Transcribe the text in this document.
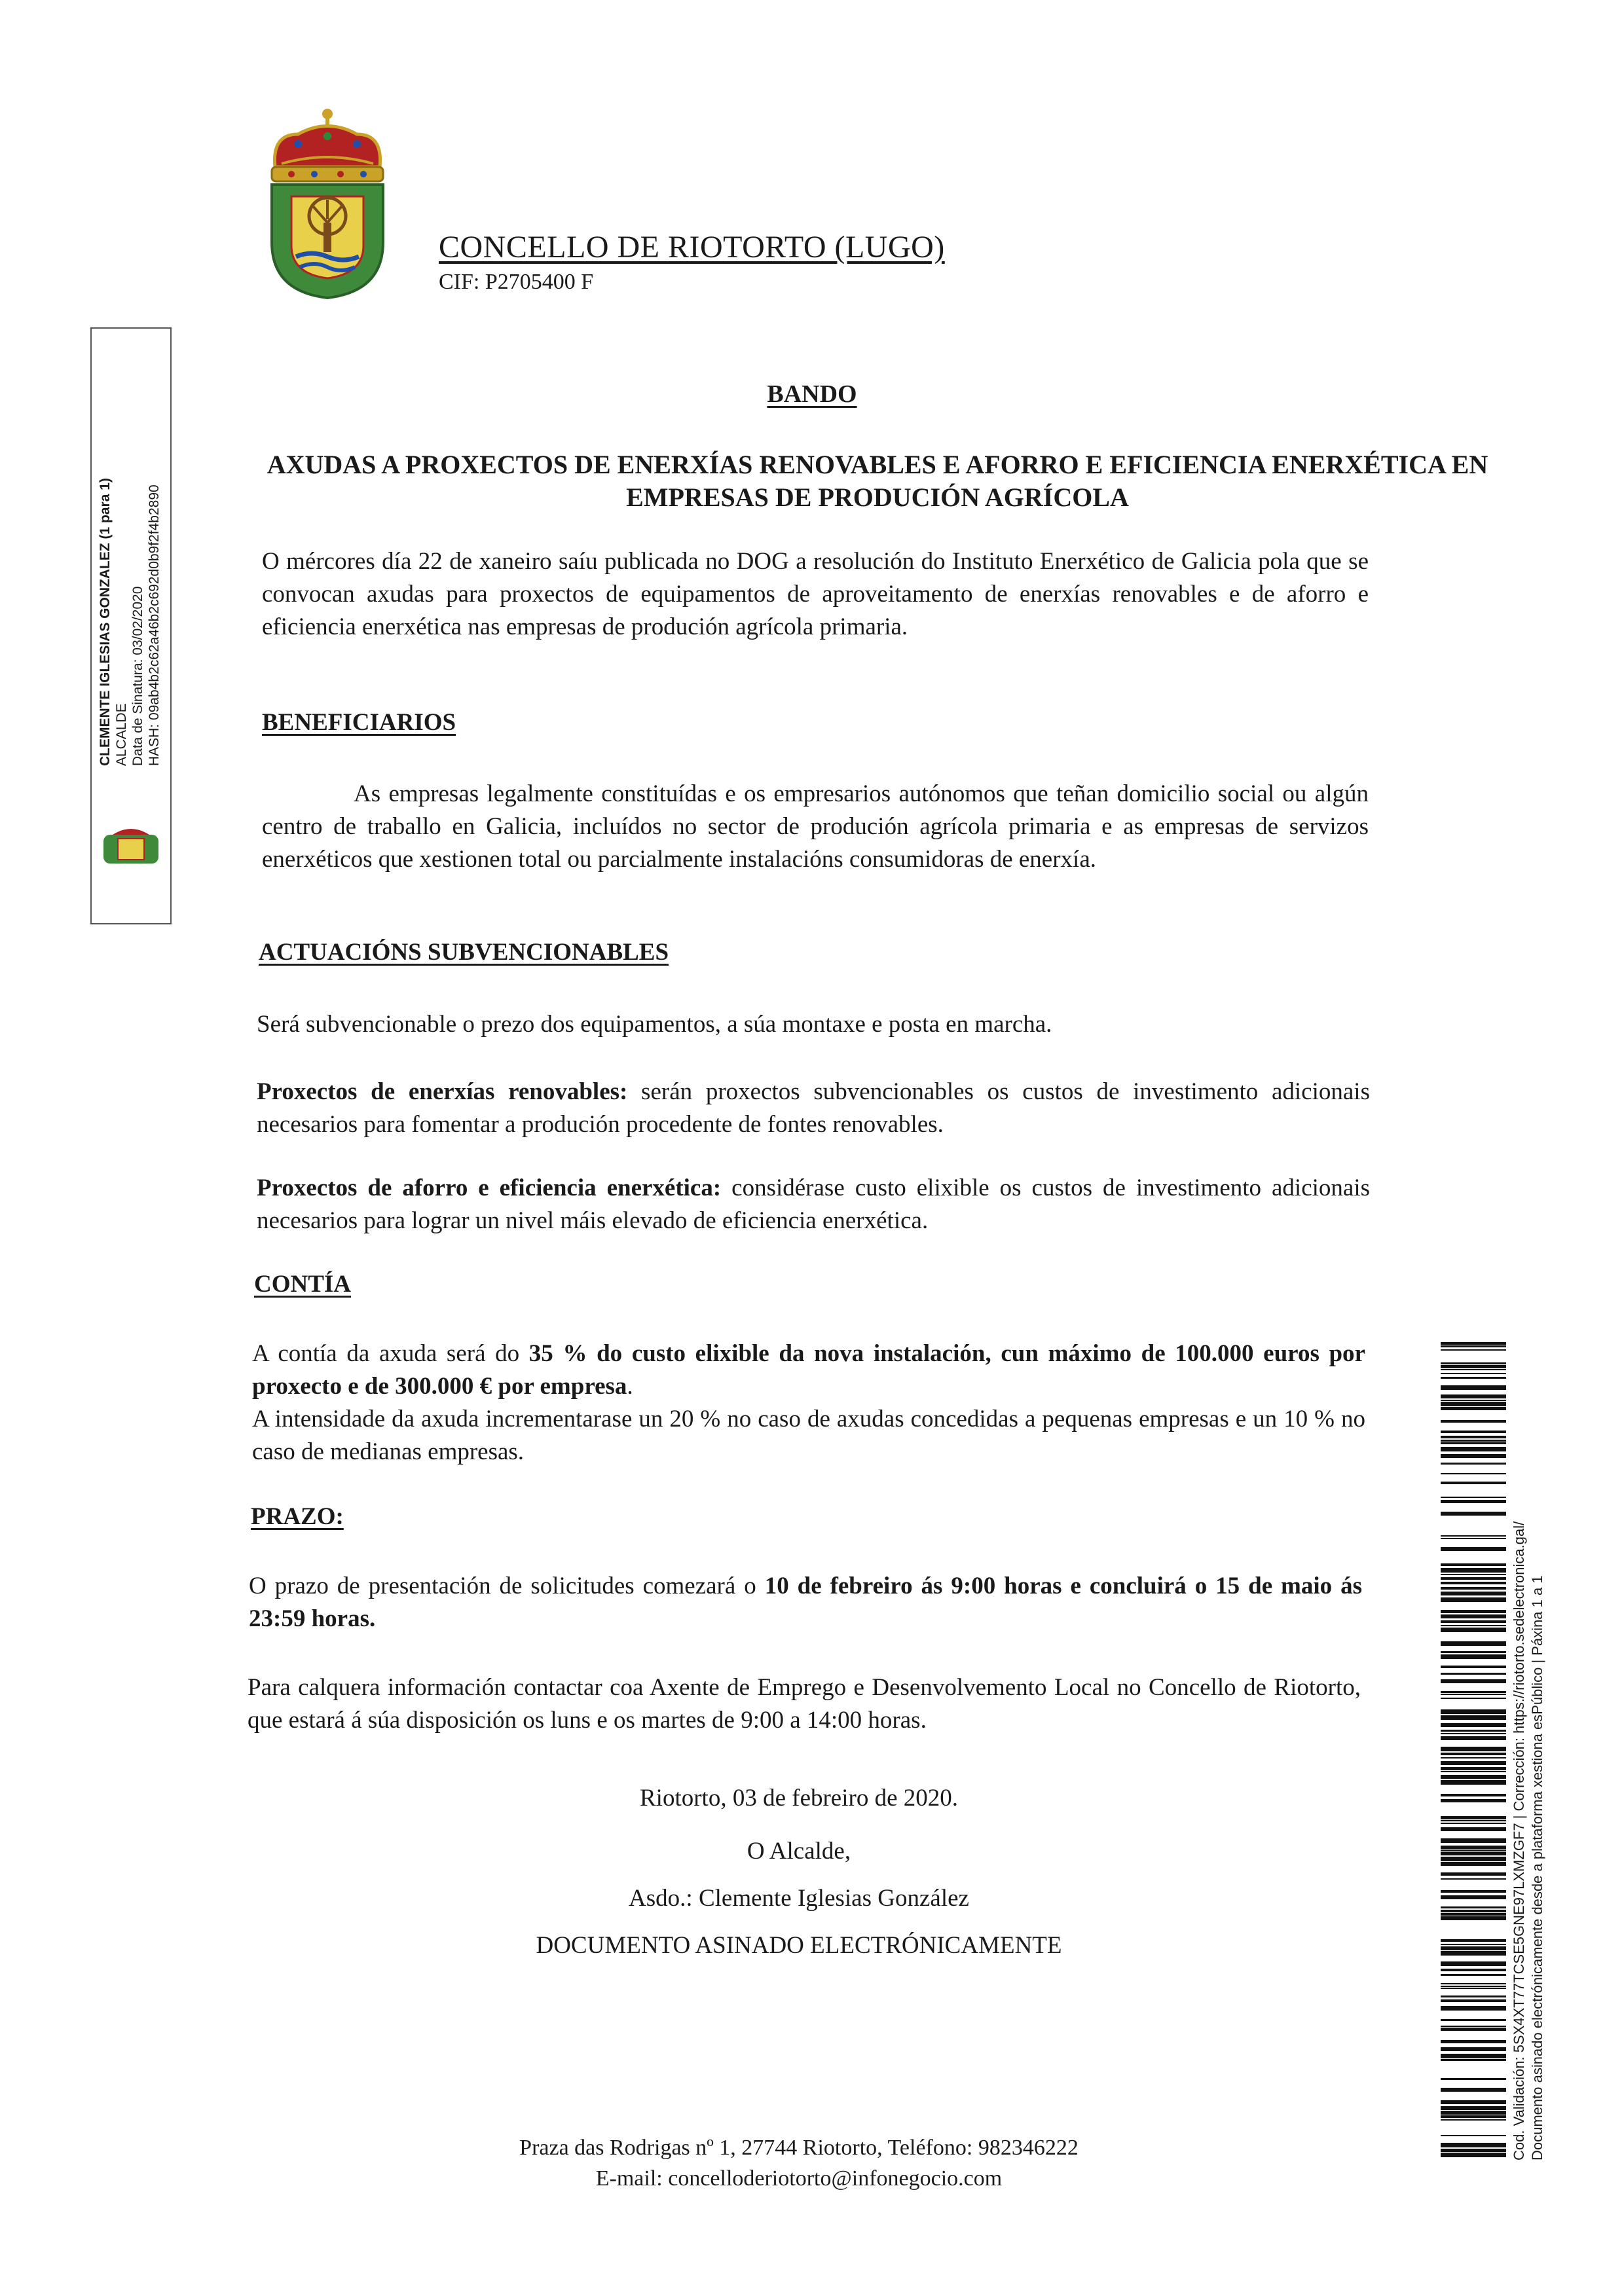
CONCELLO DE RIOTORTO (LUGO)
CIF: P2705400 F
CLEMENTE IGLESIAS GONZALEZ (1 para 1) ALCALDE Data de Sinatura: 03/02/2020 HASH: 09ab4b2c62a46b2c692d0b9f2f4b2890
BANDO
AXUDAS A PROXECTOS DE ENERXÍAS RENOVABLES E AFORRO E EFICIENCIA ENERXÉTICA EN EMPRESAS DE PRODUCIÓN AGRÍCOLA
O mércores día 22 de xaneiro saíu publicada no DOG a resolución do Instituto Enerxético de Galicia pola que se convocan axudas para proxectos de equipamentos de aproveitamento de enerxías renovables e de aforro e eficiencia enerxética nas empresas de produción agrícola primaria.
BENEFICIARIOS
As empresas legalmente constituídas e os empresarios autónomos que teñan domicilio social ou algún centro de traballo en Galicia, incluídos no sector de produción agrícola primaria e as empresas de servizos enerxéticos que xestionen total ou parcialmente instalacións consumidoras de enerxía.
ACTUACIÓNS SUBVENCIONABLES
Será subvencionable o prezo dos equipamentos, a súa montaxe e posta en marcha.
Proxectos de enerxías renovables: serán proxectos subvencionables os custos de investimento adicionais necesarios para fomentar a produción procedente de fontes renovables.
Proxectos de aforro e eficiencia enerxética: considérase custo elixible os custos de investimento adicionais necesarios para lograr un nivel máis elevado de eficiencia enerxética.
CONTÍA
A contía da axuda será do 35 % do custo elixible da nova instalación, cun máximo de 100.000 euros por proxecto e de 300.000 € por empresa.
A intensidade da axuda incrementarase un 20 % no caso de axudas concedidas a pequenas empresas e un 10 % no caso de medianas empresas.
PRAZO:
O prazo de presentación de solicitudes comezará o 10 de febreiro ás 9:00 horas e concluirá o 15 de maio ás 23:59 horas.
Para calquera información contactar coa Axente de Emprego e Desenvolvemento Local no Concello de Riotorto, que estará á súa disposición os luns e os martes de 9:00 a 14:00 horas.
Riotorto, 03 de febreiro de 2020.
O Alcalde,
Asdo.: Clemente Iglesias González
DOCUMENTO ASINADO ELECTRÓNICAMENTE
Praza das Rodrigas nº 1, 27744 Riotorto, Teléfono: 982346222
E-mail: concelloderiotorto@infonegocio.com
Cod. Validación: 5SX4XT77TCSE5GNE97LXMZGF7 | Corrección: https://riotorto.sedelectronica.gal/ Documento asinado electrónicamente desde a plataforma xestiona esPúblico | Páxina 1 a 1
